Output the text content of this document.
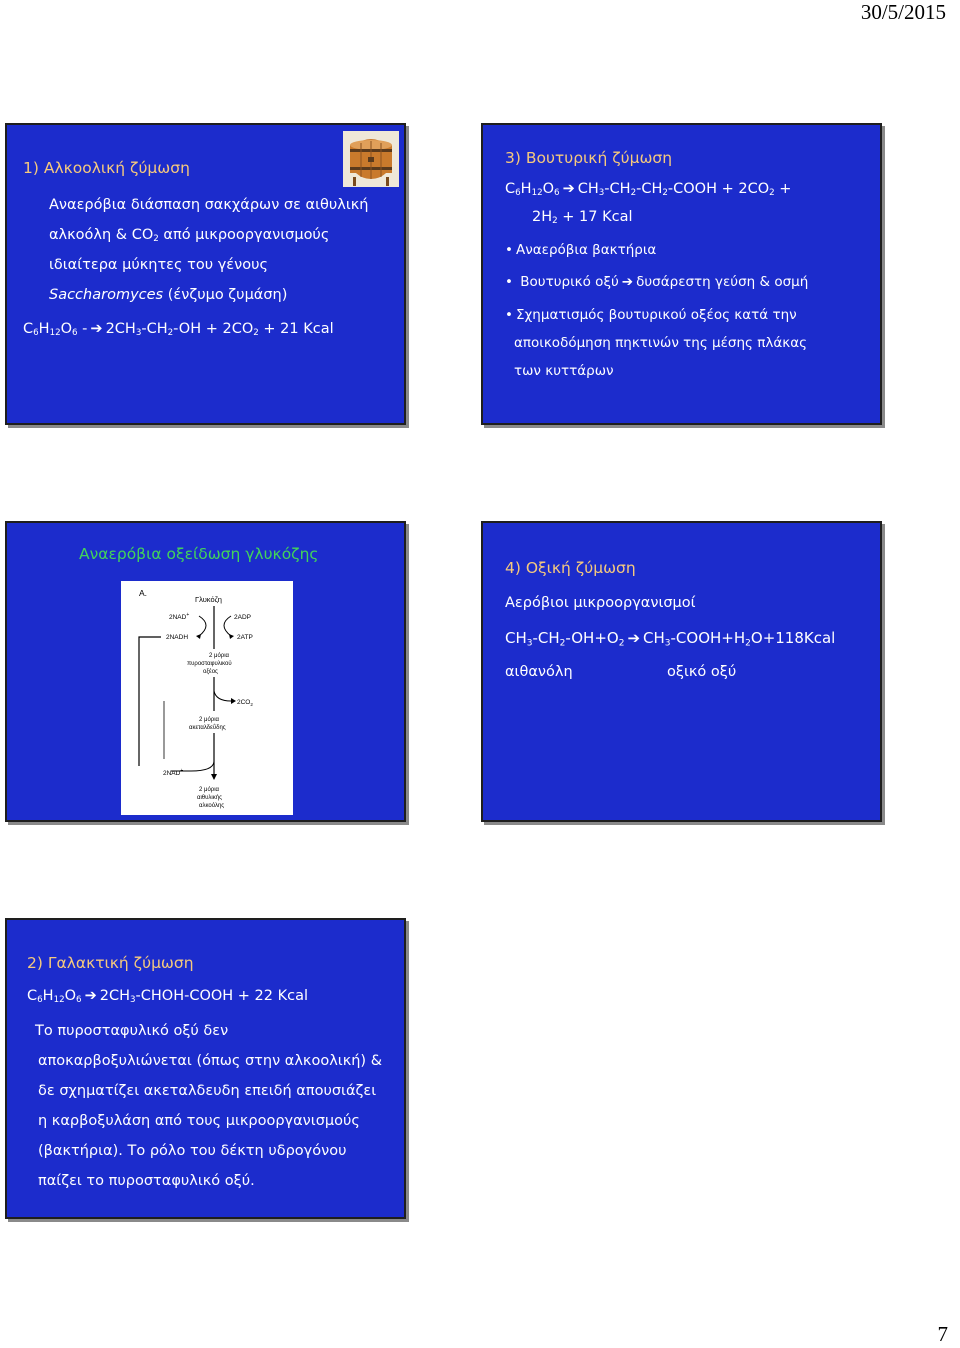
30/5/2015
1) Αλκοολική ζύμωση
Αναερόβια διάσπαση σακχάρων σε αιθυλική
αλκοόλη & $CO_2$ από μικροοργανισμούς
ιδιαίτερα μύκητες του γένους
Saccharomyces (ένζυμο ζυμάση)
$C_6H_{12}O_6$ - ➔ $2CH_3-CH_2-OH + 2CO_2 + 21$ Kcal
3) Βουτυρική ζύμωση
$C_6H_{12}O_6$ ➔ $CH_3-CH_2-CH_2$-COOH + $2CO_2$ +
$2H_2 + 17$ Kcal
• Αναερόβια βακτήρια
• Βουτυρικό οξύ ➔ δυσάρεστη γεύση & οσμή
• Σχηματισμός βουτυρικού οξέος κατά την
αποικοδόμηση πηκτινών της μέσης πλάκας
των κυττάρων
Αναερόβια οξείδωση γλυκόζης
A.
Γλυκόζη
2NAD+	2ADP
2NADH	2ATP
2 μόρια
πυροσταφυλικού
οξέος
$2CO_2$
2 μόρια
ακεταλδεΰδης
2NAD+
2 μόρια
αιθυλικής
αλκοόλης
4) Οξική ζύμωση
Αερόβιοι μικροοργανισμοί
$CH_3-CH_2-OH+O_2$ ➔ $CH_3-COOH+H_2O+118Kcal$
αιθανόλη	οξικό οξύ
2) Γαλακτική ζύμωση
$C_6H_{12}O_6$ ➔ $2CH_3-CHOH$-COOH + 22 Kcal
Το πυροσταφυλικό οξύ δεν
αποκαρβοξυλιώνεται (όπως στην αλκοολική) &
δε σχηματίζει ακεταλδευδη επειδή απουσιάζει
η καρβοξυλάση από τους μικροοργανισμούς
(βακτήρια). Το ρόλο του δέκτη υδρογόνου
παίζει το πυροσταφυλικό οξύ.
7
